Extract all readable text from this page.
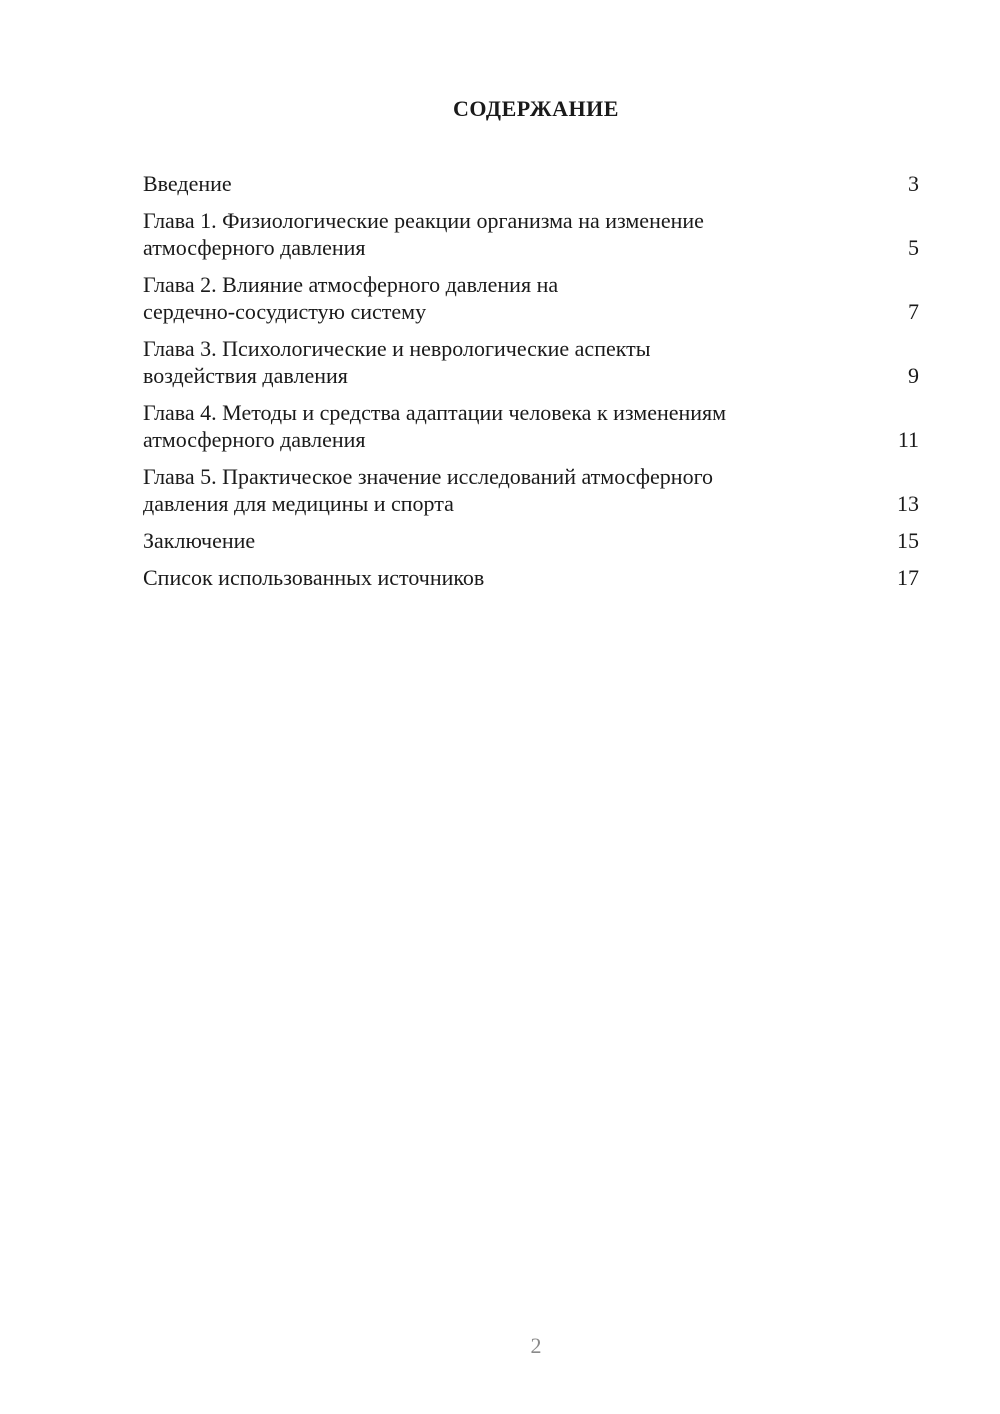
СОДЕРЖАНИЕ
Введение	3
Глава 1. Физиологические реакции организма на изменение
атмосферного давления	5
Глава 2. Влияние атмосферного давления на
сердечно-сосудистую систему	7
Глава 3. Психологические и неврологические аспекты
воздействия давления	9
Глава 4. Методы и средства адаптации человека к изменениям
атмосферного давления	11
Глава 5. Практическое значение исследований атмосферного
давления для медицины и спорта	13
Заключение	15
Список использованных источников	17
2
